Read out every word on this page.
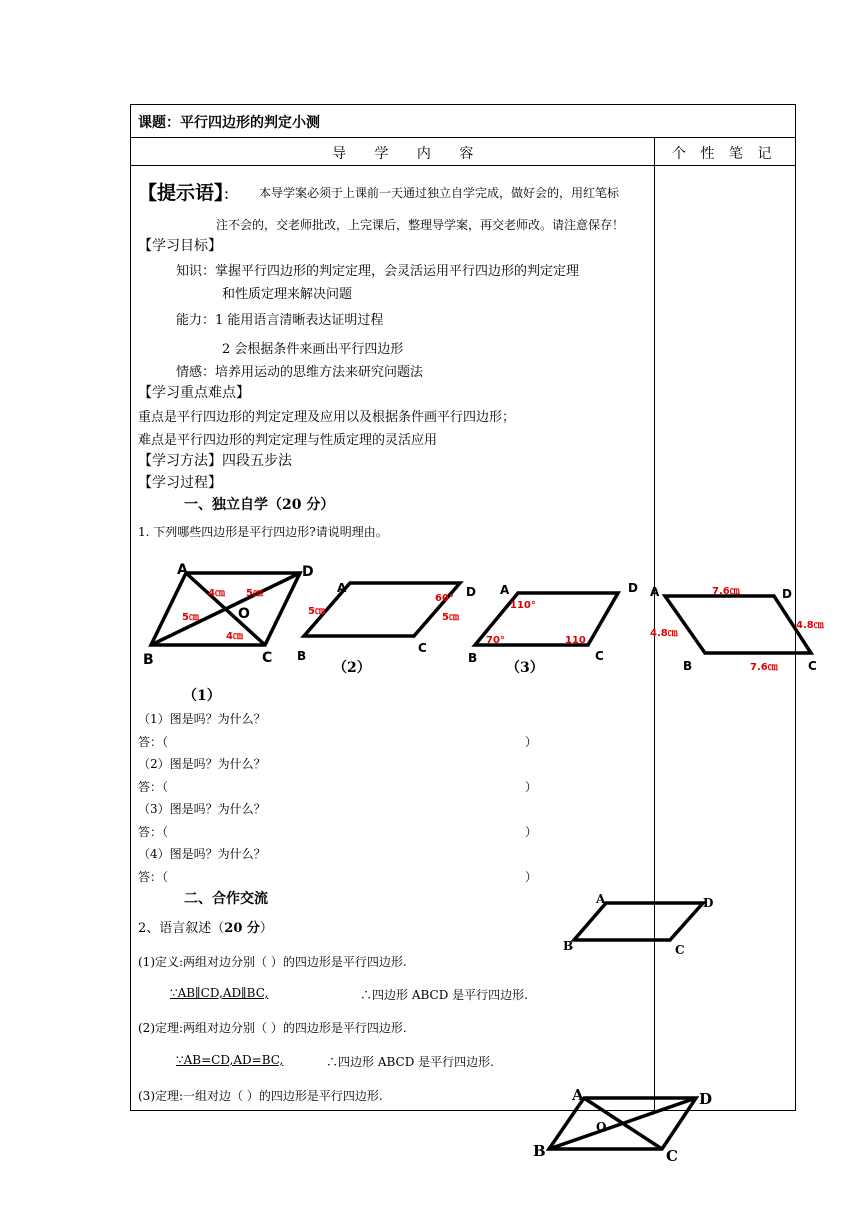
课题：平行四边形的判定小测
导 学 内 容	个 性 笔 记
【提示语】： 本导学案必须于上课前一天通过独立自学完成，做好会的，用红笔标
注不会的，交老师批改，上完课后，整理导学案，再交老师改。请注意保存！
【学习目标】
知识：掌握平行四边形的判定定理，会灵活运用平行四边形的判定定理
和性质定理来解决问题
能力：1 能用语言清晰表达证明过程
2 会根据条件来画出平行四边形
情感：培养用运动的思维方法来研究问题法
【学习重点难点】
重点是平行四边形的判定定理及应用以及根据条件画平行四边形；
难点是平行四边形的判定定理与性质定理的灵活应用
【学习方法】四段五步法
【学习过程】
一、独立自学（20 分）
1. 下列哪些四边形是平行四边形?请说明理由。
A	D
B	C
O
4㎝ 5㎝
5㎝
4㎝
A	D
B
C
5㎝
60°
5㎝
（2）
A	D
B	C
110°
70°	110
（3）
A	D
B	C
7.6㎝
7.6㎝
4.8㎝
4.8㎝
（1）
（1）图是吗？为什么？
答：（	）
（2）图是吗？为什么？
答：（	）
（3）图是吗？为什么？
答：（	）
（4）图是吗？为什么？
答：（	）
二、合作交流
2、语言叙述（20 分）
(1)定义:两组对边分别（ ）的四边形是平行四边形.
∵AB∥CD,AD∥BC,	∴四边形 ABCD 是平行四边形.
(2)定理:两组对边分别（ ）的四边形是平行四边形.
∵AB=CD,AD=BC,	∴四边形 ABCD 是平行四边形.
(3)定理:一组对边（ ）的四边形是平行四边形.
A	D
B	C
A	D
B	C
O
